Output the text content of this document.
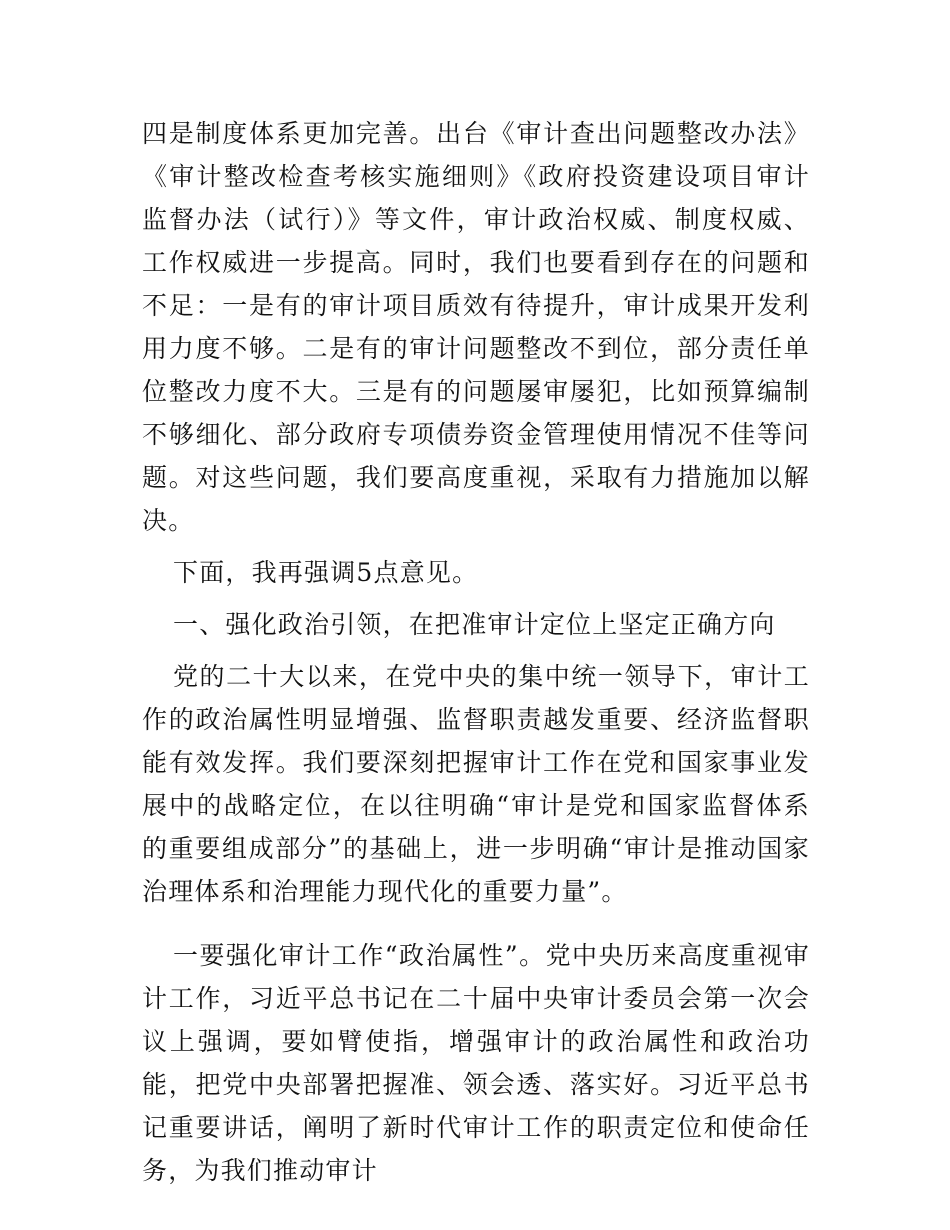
四是制度体系更加完善。出台《审计查出问题整改办法》《审计整改检查考核实施细则》《政府投资建设项目审计监督办法（试行）》等文件，审计政治权威、制度权威、工作权威进一步提高。同时，我们也要看到存在的问题和不足：一是有的审计项目质效有待提升，审计成果开发利用力度不够。二是有的审计问题整改不到位，部分责任单位整改力度不大。三是有的问题屡审屡犯，比如预算编制不够细化、部分政府专项债券资金管理使用情况不佳等问题。对这些问题，我们要高度重视，采取有力措施加以解决。

下面，我再强调5点意见。

一、强化政治引领，在把准审计定位上坚定正确方向

党的二十大以来，在党中央的集中统一领导下，审计工作的政治属性明显增强、监督职责越发重要、经济监督职能有效发挥。我们要深刻把握审计工作在党和国家事业发展中的战略定位，在以往明确“审计是党和国家监督体系的重要组成部分”的基础上，进一步明确“审计是推动国家治理体系和治理能力现代化的重要力量”。

一要强化审计工作“政治属性”。党中央历来高度重视审计工作，习近平总书记在二十届中央审计委员会第一次会议上强调，要如臂使指，增强审计的政治属性和政治功能，把党中央部署把握准、领会透、落实好。习近平总书记重要讲话，阐明了新时代审计工作的职责定位和使命任务，为我们推动审计
